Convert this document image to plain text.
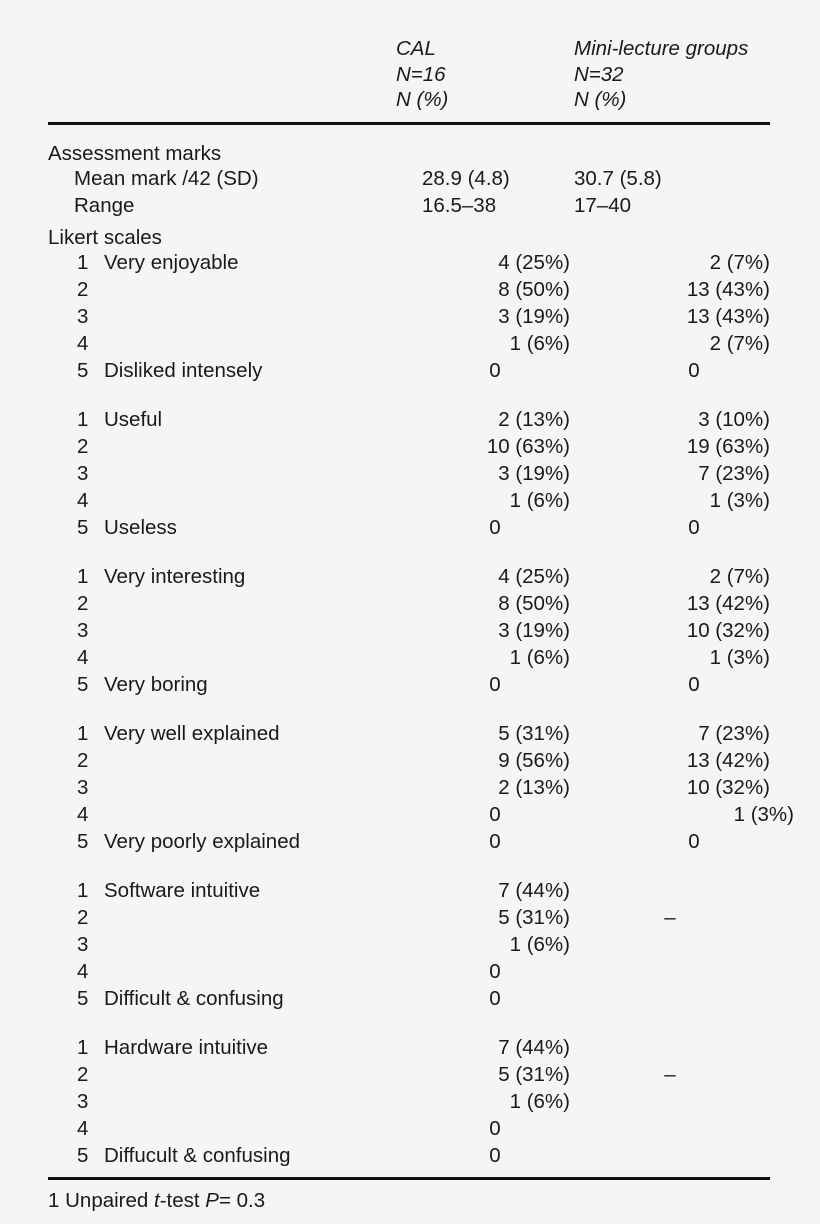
CAL
N=16
N (%)
Mini-lecture groups
N=32
N (%)
Assessment marks
Mean mark /42 (SD)	28.9 (4.8)	30.7 (5.8)
Range	16.5–38	17–40
Likert scales
1 Very enjoyable	4 (25%)	2 (7%)
2	8 (50%)	13 (43%)
3	3 (19%)	13 (43%)
4	1 (6%)	2 (7%)
5 Disliked intensely	0	0
1 Useful	2 (13%)	3 (10%)
2	10 (63%)	19 (63%)
3	3 (19%)	7 (23%)
4	1 (6%)	1 (3%)
5 Useless	0	0
1 Very interesting	4 (25%)	2 (7%)
2	8 (50%)	13 (42%)
3	3 (19%)	10 (32%)
4	1 (6%)	1 (3%)
5 Very boring	0	0
1 Very well explained	5 (31%)	7 (23%)
2	9 (56%)	13 (42%)
3	2 (13%)	10 (32%)
4	0	1 (3%)
5 Very poorly explained	0	0
1 Software intuitive	7 (44%)
2	5 (31%)	–
3	1 (6%)
4	0
5 Difficult & confusing	0
1 Hardware intuitive	7 (44%)
2	5 (31%)	–
3	1 (6%)
4	0
5 Diffucult & confusing	0
1 Unpaired t-test P= 0.3
